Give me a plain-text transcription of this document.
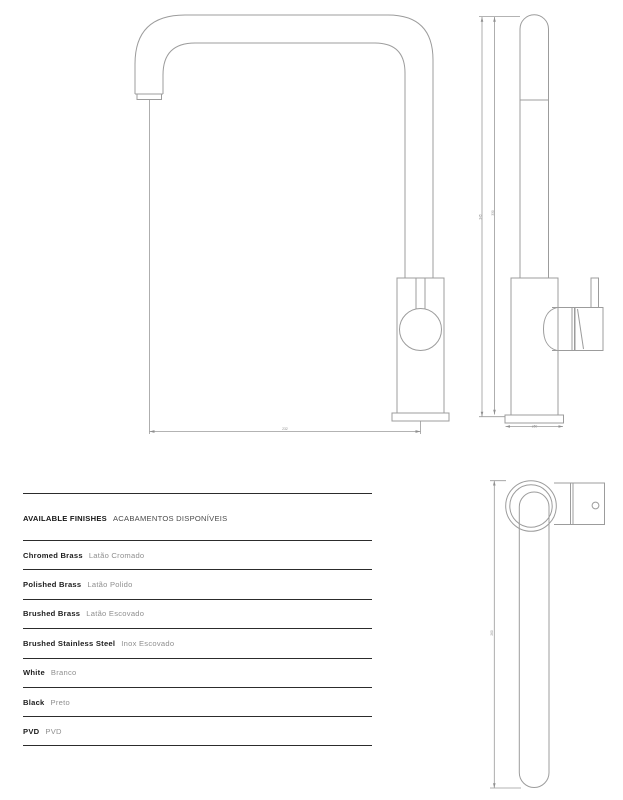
232
345
330
ø50
260
AVAILABLE FINISHES ACABAMENTOS DISPONÍVEIS
Chromed Brass Latão Cromado
Polished Brass Latão Polido
Brushed Brass Latão Escovado
Brushed Stainless Steel Inox Escovado
White Branco
Black Preto
PVD PVD
